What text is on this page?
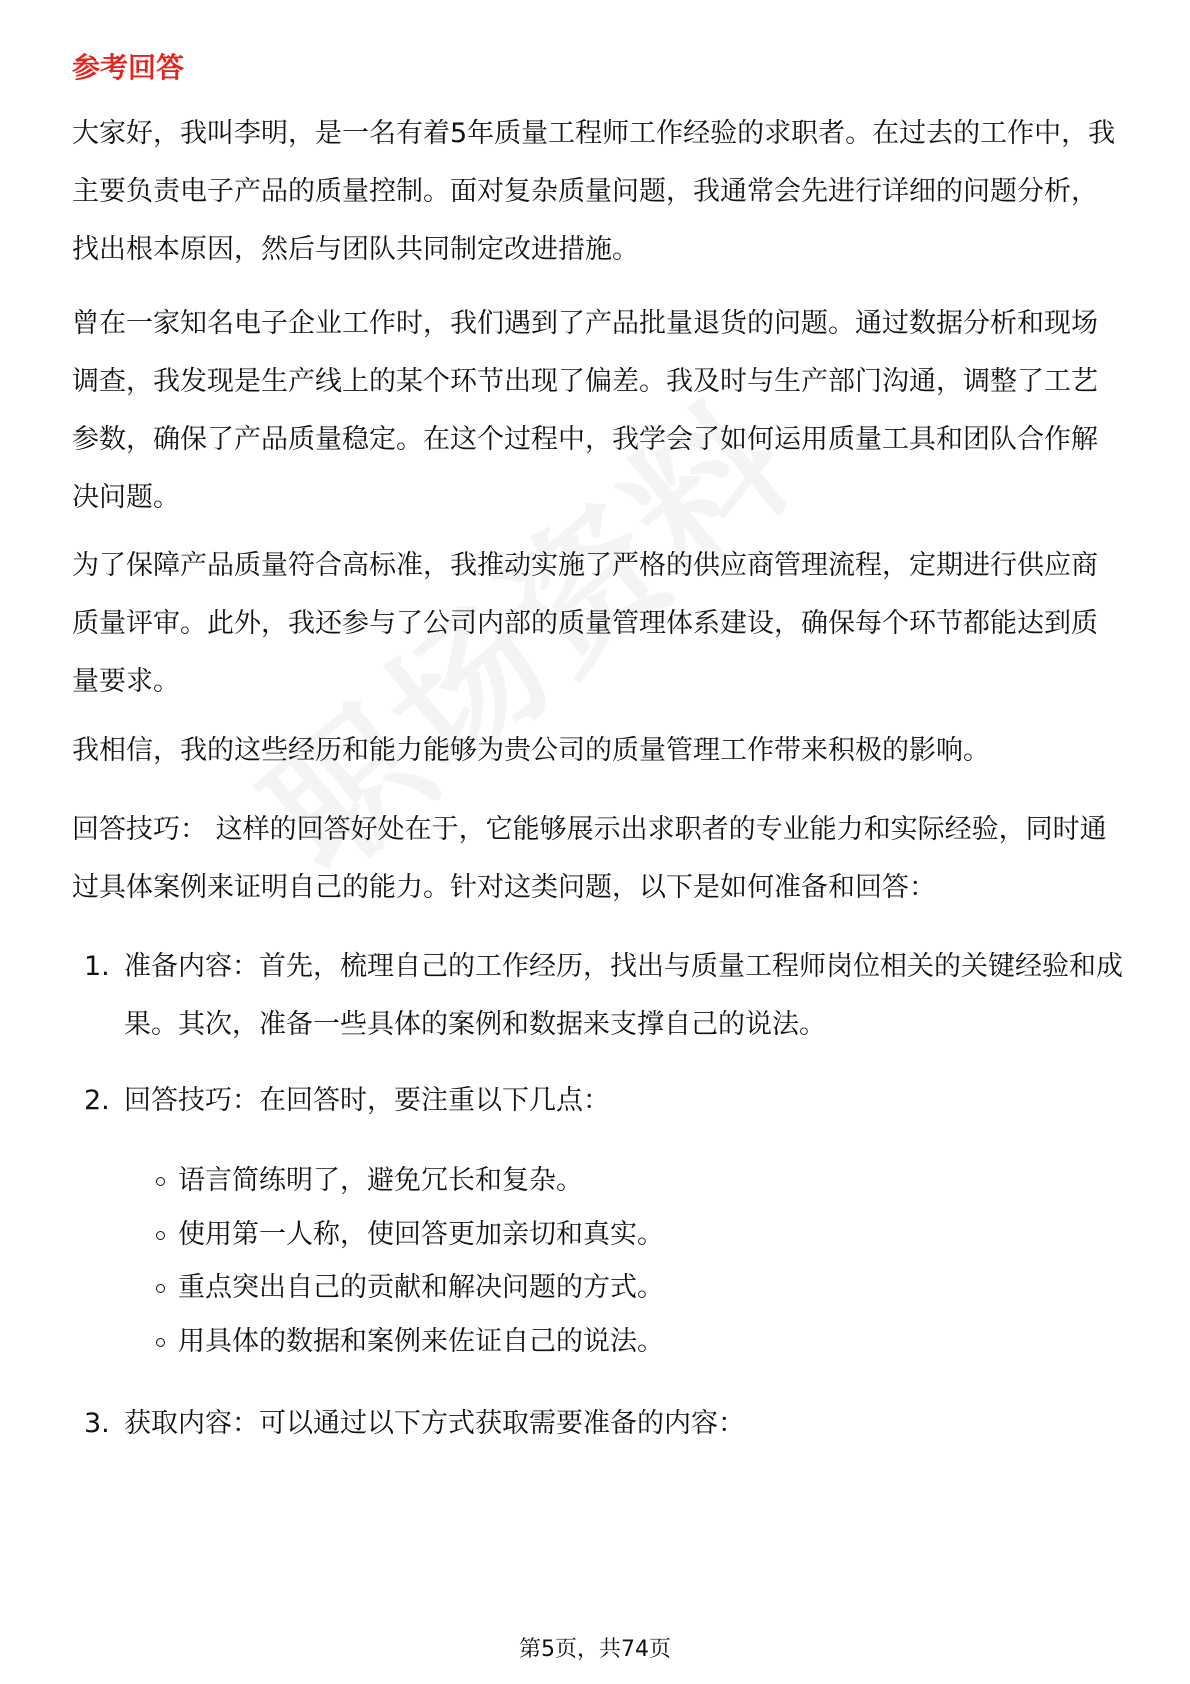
参考回答

大家好，我叫李明，是一名有着5年质量工程师工作经验的求职者。在过去的工作中，我主要负责电子产品的质量控制。面对复杂质量问题，我通常会先进行详细的问题分析，找出根本原因，然后与团队共同制定改进措施。

曾在一家知名电子企业工作时，我们遇到了产品批量退货的问题。通过数据分析和现场调查，我发现是生产线上的某个环节出现了偏差。我及时与生产部门沟通，调整了工艺参数，确保了产品质量稳定。在这个过程中，我学会了如何运用质量工具和团队合作解决问题。

为了保障产品质量符合高标准，我推动实施了严格的供应商管理流程，定期进行供应商质量评审。此外，我还参与了公司内部的质量管理体系建设，确保每个环节都能达到质量要求。

我相信，我的这些经历和能力能够为贵公司的质量管理工作带来积极的影响。

回答技巧： 这样的回答好处在于，它能够展示出求职者的专业能力和实际经验，同时通过具体案例来证明自己的能力。针对这类问题，以下是如何准备和回答：

1. 准备内容：首先，梳理自己的工作经历，找出与质量工程师岗位相关的关键经验和成果。其次，准备一些具体的案例和数据来支撑自己的说法。
2. 回答技巧：在回答时，要注重以下几点：
语言简练明了，避免冗长和复杂。
使用第一人称，使回答更加亲切和真实。
重点突出自己的贡献和解决问题的方式。
用具体的数据和案例来佐证自己的说法。
3. 获取内容：可以通过以下方式获取需要准备的内容：
第5页，共74页
